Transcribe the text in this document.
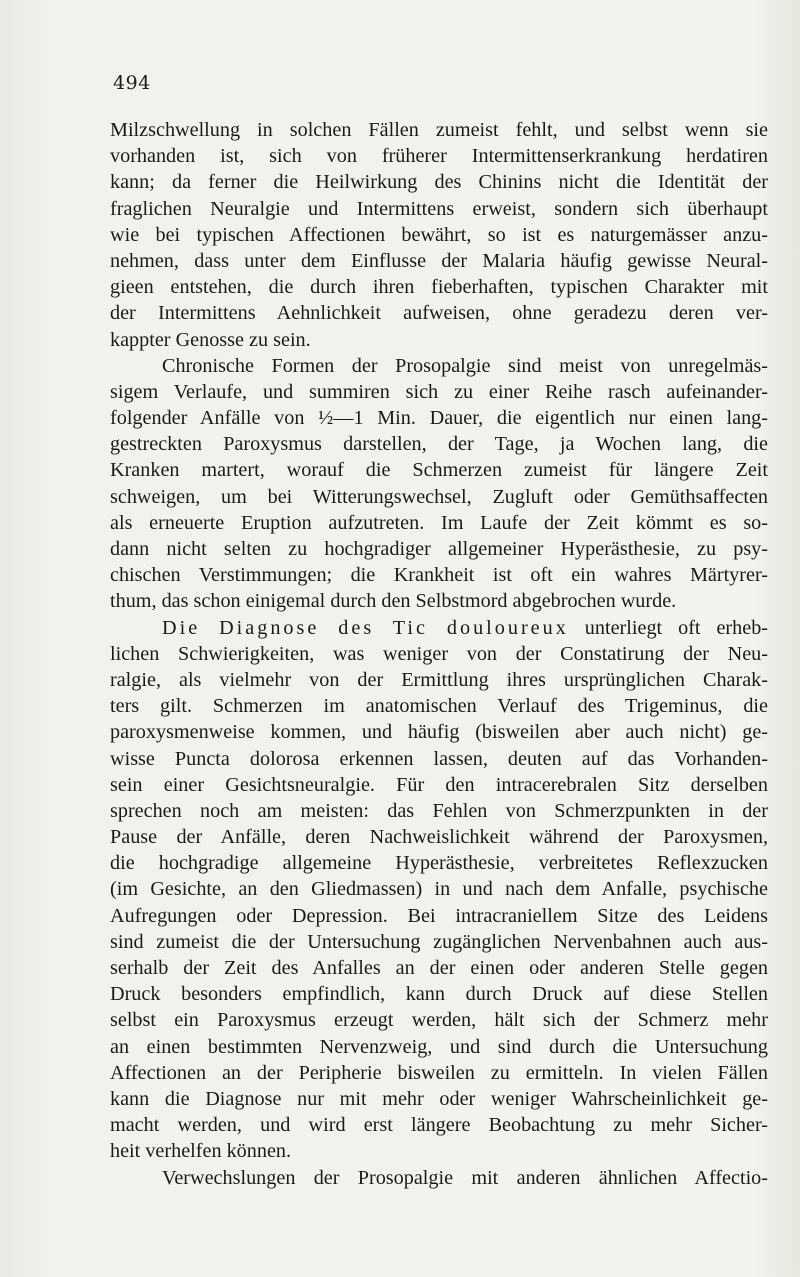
494
Milzschwellung in solchen Fällen zumeist fehlt, und selbst wenn sie
vorhanden ist, sich von früherer Intermittenserkrankung herdatiren
kann; da ferner die Heilwirkung des Chinins nicht die Identität der
fraglichen Neuralgie und Intermittens erweist, sondern sich überhaupt
wie bei typischen Affectionen bewährt, so ist es naturgemässer anzu-
nehmen, dass unter dem Einflusse der Malaria häufig gewisse Neural-
gieen entstehen, die durch ihren fieberhaften, typischen Charakter mit
der Intermittens Aehnlichkeit aufweisen, ohne geradezu deren ver-
kappter Genosse zu sein.
Chronische Formen der Prosopalgie sind meist von unregelmäs-
sigem Verlaufe, und summiren sich zu einer Reihe rasch aufeinander-
folgender Anfälle von ½—1 Min. Dauer, die eigentlich nur einen lang-
gestreckten Paroxysmus darstellen, der Tage, ja Wochen lang, die
Kranken martert, worauf die Schmerzen zumeist für längere Zeit
schweigen, um bei Witterungswechsel, Zugluft oder Gemüthsaffecten
als erneuerte Eruption aufzutreten. Im Laufe der Zeit kömmt es so-
dann nicht selten zu hochgradiger allgemeiner Hyperästhesie, zu psy-
chischen Verstimmungen; die Krankheit ist oft ein wahres Märtyrer-
thum, das schon einigemal durch den Selbstmord abgebrochen wurde.
Die Diagnose des Tic douloureux unterliegt oft erheb-
lichen Schwierigkeiten, was weniger von der Constatirung der Neu-
ralgie, als vielmehr von der Ermittlung ihres ursprünglichen Charak-
ters gilt. Schmerzen im anatomischen Verlauf des Trigeminus, die
paroxysmenweise kommen, und häufig (bisweilen aber auch nicht) ge-
wisse Puncta dolorosa erkennen lassen, deuten auf das Vorhanden-
sein einer Gesichtsneuralgie. Für den intracerebralen Sitz derselben
sprechen noch am meisten: das Fehlen von Schmerzpunkten in der
Pause der Anfälle, deren Nachweislichkeit während der Paroxysmen,
die hochgradige allgemeine Hyperästhesie, verbreitetes Reflexzucken
(im Gesichte, an den Gliedmassen) in und nach dem Anfalle, psychische
Aufregungen oder Depression. Bei intracraniellem Sitze des Leidens
sind zumeist die der Untersuchung zugänglichen Nervenbahnen auch aus-
serhalb der Zeit des Anfalles an der einen oder anderen Stelle gegen
Druck besonders empfindlich, kann durch Druck auf diese Stellen
selbst ein Paroxysmus erzeugt werden, hält sich der Schmerz mehr
an einen bestimmten Nervenzweig, und sind durch die Untersuchung
Affectionen an der Peripherie bisweilen zu ermitteln. In vielen Fällen
kann die Diagnose nur mit mehr oder weniger Wahrscheinlichkeit ge-
macht werden, und wird erst längere Beobachtung zu mehr Sicher-
heit verhelfen können.
Verwechslungen der Prosopalgie mit anderen ähnlichen Affectio-
